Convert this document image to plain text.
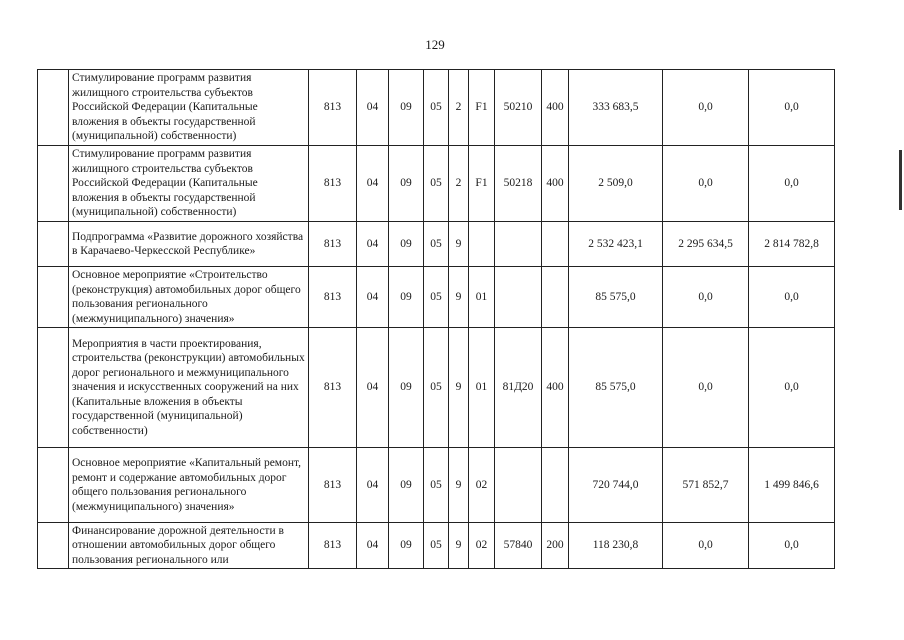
129
	Стимулирование программ развития жилищного строительства субъектов Российской Федерации (Капитальные вложения в объекты государственной (муниципальной) собственности)	813	04	09	05	2	F1	50210	400	333 683,5	0,0	0,0
	Стимулирование программ развития жилищного строительства субъектов Российской Федерации (Капитальные вложения в объекты государственной (муниципальной) собственности)	813	04	09	05	2	F1	50218	400	2 509,0	0,0	0,0
	Подпрограмма «Развитие дорожного хозяйства в Карачаево-Черкесской Республике»	813	04	09	05	9				2 532 423,1	2 295 634,5	2 814 782,8
	Основное мероприятие «Строительство (реконструкция) автомобильных дорог общего пользования регионального (межмуниципального) значения»	813	04	09	05	9	01			85 575,0	0,0	0,0
	Мероприятия в части проектирования, строительства (реконструкции) автомобильных дорог регионального и межмуниципального значения и искусственных сооружений на них (Капитальные вложения в объекты государственной (муниципальной) собственности)	813	04	09	05	9	01	81Д20	400	85 575,0	0,0	0,0
	Основное мероприятие «Капитальный ремонт, ремонт и содержание автомобильных дорог общего пользования регионального (межмуниципального) значения»	813	04	09	05	9	02			720 744,0	571 852,7	1 499 846,6
	Финансирование дорожной деятельности в отношении автомобильных дорог общего пользования регионального или	813	04	09	05	9	02	57840	200	118 230,8	0,0	0,0
